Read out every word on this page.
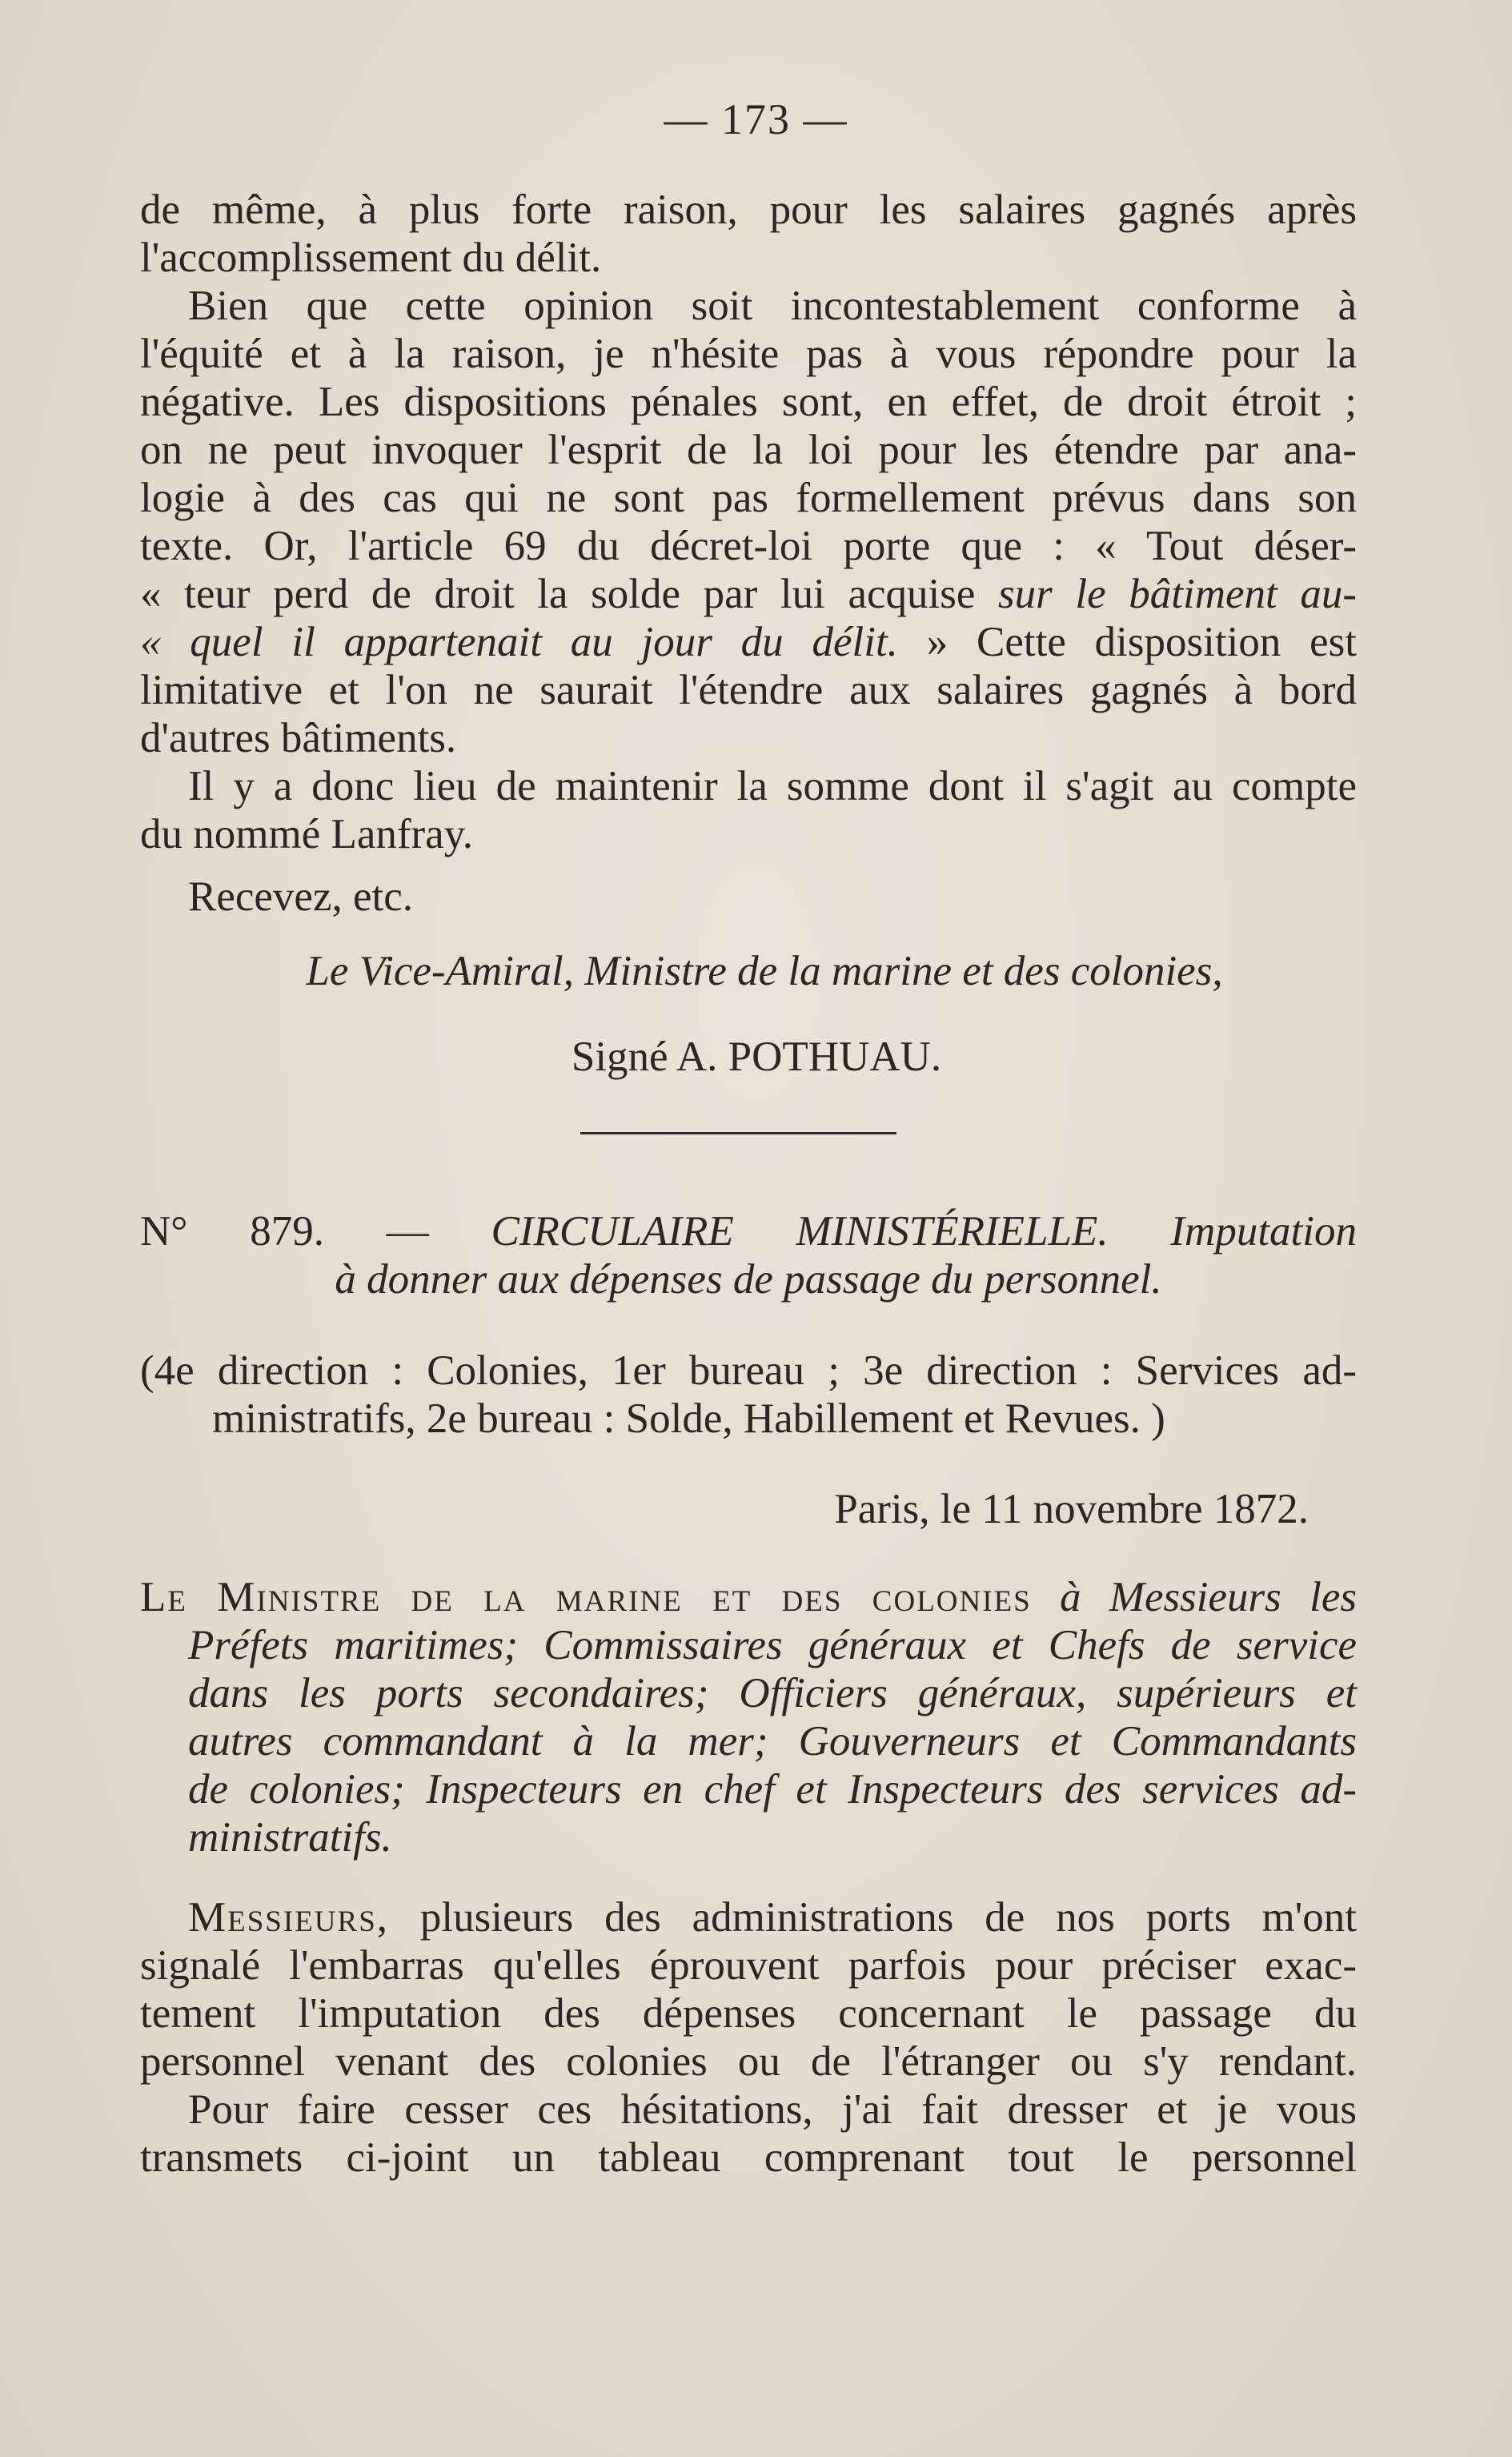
— 173 —

de même, à plus forte raison, pour les salaires gagnés après

l'accomplissement du délit.

Bien que cette opinion soit incontestablement conforme à

l'équité et à la raison, je n'hésite pas à vous répondre pour la

négative. Les dispositions pénales sont, en effet, de droit étroit ;

on ne peut invoquer l'esprit de la loi pour les étendre par ana-

logie à des cas qui ne sont pas formellement prévus dans son

texte. Or, l'article 69 du décret-loi porte que : « Tout déser-

« teur perd de droit la solde par lui acquise sur le bâtiment au-

« quel il appartenait au jour du délit. » Cette disposition est

limitative et l'on ne saurait l'étendre aux salaires gagnés à bord

d'autres bâtiments.

Il y a donc lieu de maintenir la somme dont il s'agit au compte

du nommé Lanfray.

Recevez, etc.

Le Vice-Amiral, Ministre de la marine et des colonies,

Signé A. POTHUAU.

N° 879. — CIRCULAIRE MINISTÉRIELLE. Imputation

à donner aux dépenses de passage du personnel.

(4e direction : Colonies, 1er bureau ; 3e direction : Services ad-

ministratifs, 2e bureau : Solde, Habillement et Revues. )

Paris, le 11 novembre 1872.

Le Ministre de la marine et des colonies à Messieurs les

Préfets maritimes; Commissaires généraux et Chefs de service

dans les ports secondaires; Officiers généraux, supérieurs et

autres commandant à la mer; Gouverneurs et Commandants

de colonies; Inspecteurs en chef et Inspecteurs des services ad-

ministratifs.

Messieurs, plusieurs des administrations de nos ports m'ont

signalé l'embarras qu'elles éprouvent parfois pour préciser exac-

tement l'imputation des dépenses concernant le passage du

personnel venant des colonies ou de l'étranger ou s'y rendant.

Pour faire cesser ces hésitations, j'ai fait dresser et je vous

transmets ci-joint un tableau comprenant tout le personnel
